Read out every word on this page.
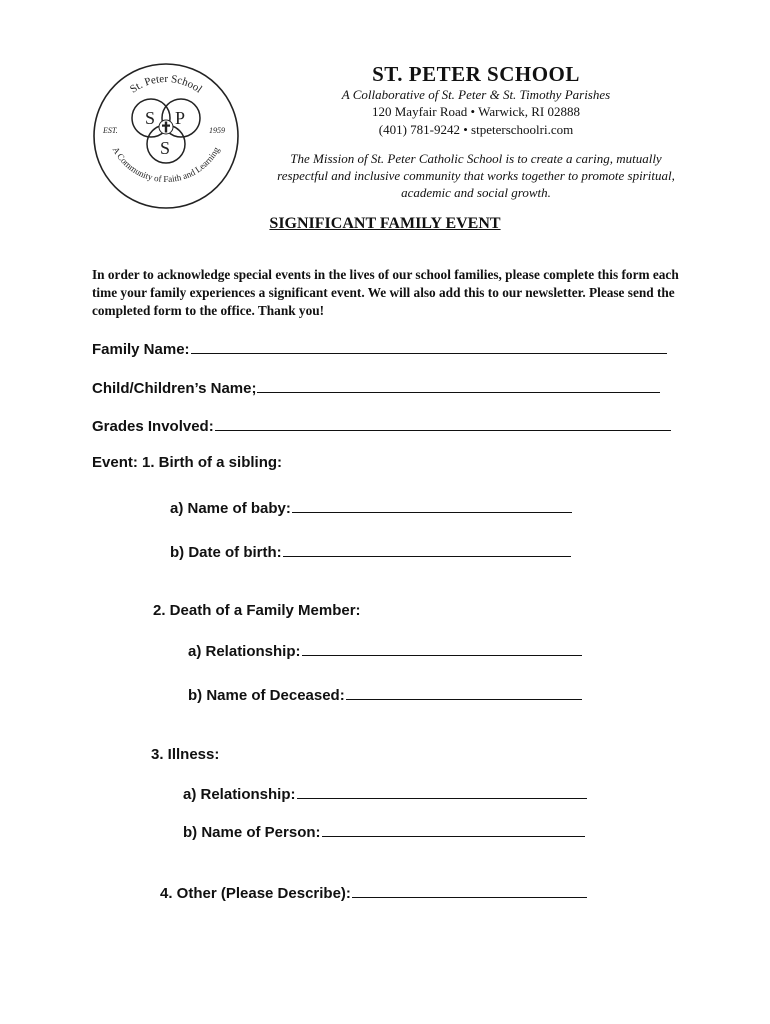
St. Peter School
A Community of Faith and Learning
EST.	1959
S P
S
ST. PETER SCHOOL
A Collaborative of St. Peter & St. Timothy Parishes
120 Mayfair Road • Warwick, RI 02888
(401) 781-9242 • stpeterschoolri.com
The Mission of St. Peter Catholic School is to create a caring, mutually respectful and inclusive community that works together to promote spiritual, academic and social growth.
SIGNIFICANT FAMILY EVENT
In order to acknowledge special events in the lives of our school families, please complete this form each time your family experiences a significant event. We will also add this to our newsletter. Please send the completed form to the office. Thank you!
Family Name:
Child/Children’s Name;
Grades Involved:
Event: 1. Birth of a sibling:
a) Name of baby:
b) Date of birth:
2. Death of a Family Member:
a) Relationship:
b) Name of Deceased:
3. Illness:
a) Relationship:
b) Name of Person:
4. Other (Please Describe):
